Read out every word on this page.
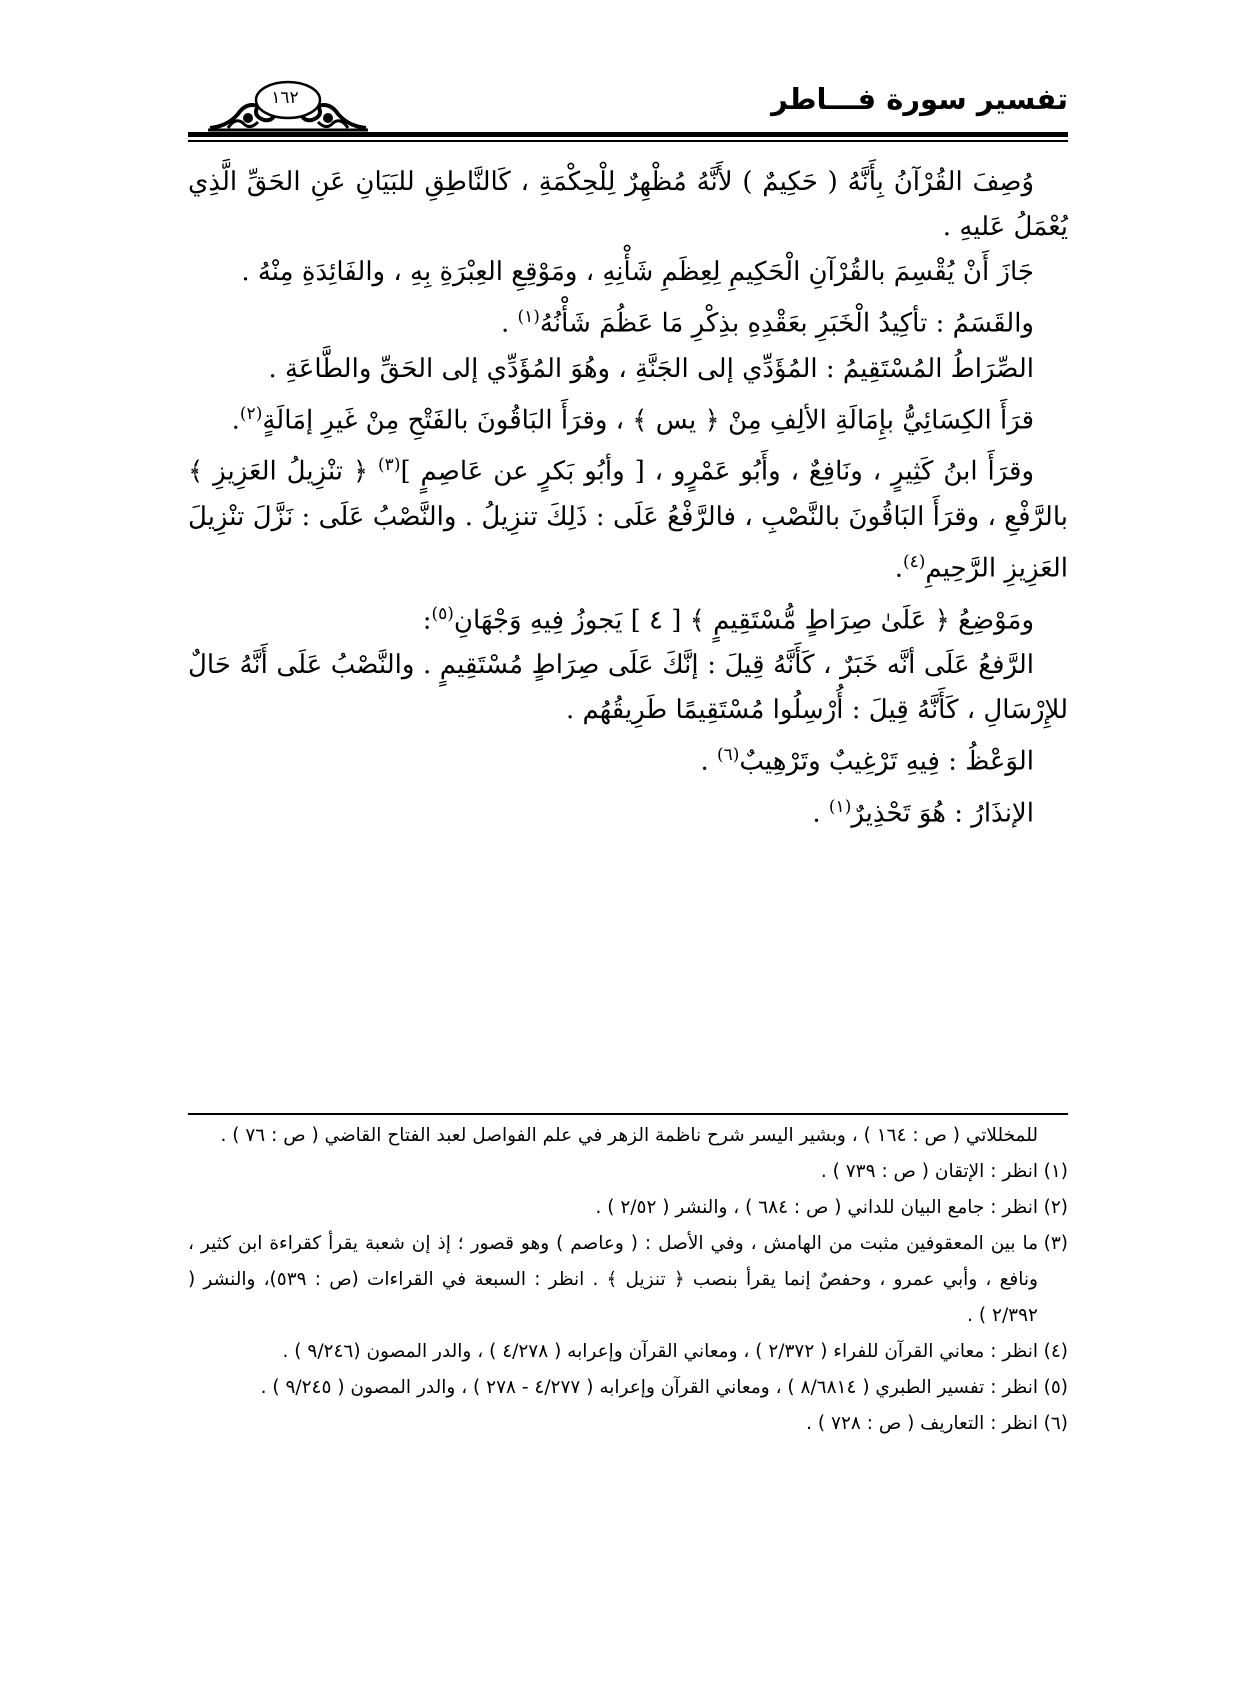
تفسير سورة فـــاطر
١٦٢

وُصِفَ القُرْآنُ بِأَنَّهُ ( حَكِيمٌ ) لأَنَّهُ مُظْهِرٌ لِلْحِكْمَةِ ، كَالنَّاطِقِ للبَيَانِ عَنِ الحَقِّ الَّذِي يُعْمَلُ عَليهِ .

جَازَ أَنْ يُقْسِمَ بالقُرْآنِ الْحَكِيمِ لِعِظَمِ شَأْنِهِ ، ومَوْقِعِ العِبْرَةِ بِهِ ، والفَائِدَةِ مِنْهُ .

والقَسَمُ : تأكِيدُ الْخَبَرِ بعَقْدِهِ بذِكْرِ مَا عَظُمَ شَأْنُهُ$^{(١)}$ .

الصِّرَاطُ المُسْتَقِيمُ : المُؤَدِّي إلى الجَنَّةِ ، وهُوَ المُؤَدِّي إلى الحَقِّ والطَّاعَةِ .

قرَأَ الكِسَائِيُّ بإِمَالَةِ الألِفِ مِنْ ﴿ يس ﴾ ، وقرَأَ البَاقُونَ بالفَتْحِ مِنْ غَيرِ إمَالَةٍ$^{(٢)}$.

وقرَأَ ابنُ كَثِيرٍ ، ونَافِعٌ ، وأَبُو عَمْرٍو ، [ وأبُو بَكرٍ عن عَاصِمٍ ]$^{(٣)}$ ﴿ تنْزِيلُ العَزِيزِ ﴾ بالرَّفْعِ ، وقرَأَ البَاقُونَ بالنَّصْبِ ، فالرَّفْعُ عَلَى : ذَلِكَ تنزِيلُ . والنَّصْبُ عَلَى : نَزَّلَ تنْزِيلَ العَزِيزِ الرَّحِيمِ$^{(٤)}$.

ومَوْضِعُ ﴿ عَلَىٰ صِرَاطٍ مُّسْتَقِيمٍ ﴾ [ ٤ ] يَجوزُ فِيهِ وَجْهَانِ$^{(٥)}$:

الرَّفعُ عَلَى أنَّه خَبَرٌ ، كَأَنَّهُ قِيلَ : إنَّكَ عَلَى صِرَاطٍ مُسْتَقِيمٍ . والنَّصْبُ عَلَى أَنَّهُ حَالٌ للإِرْسَالِ ، كَأَنَّهُ قِيلَ : أُرْسِلُوا مُسْتَقِيمًا طَرِيقُهُم .

الوَعْظُ : فِيهِ تَرْغِيبٌ وتَرْهِيبٌ$^{(٦)}$ .

الإنذَارُ : هُوَ تَحْذِيرٌ$^{(١)}$ .

للمخللاتي ( ص : ١٦٤ ) ، وبشير اليسر شرح ناظمة الزهر في علم الفواصل لعبد الفتاح القاضي ( ص : ٧٦ ) .

(١)انظر : الإتقان ( ص : ٧٣٩ ) .

(٢)انظر : جامع البيان للداني ( ص : ٦٨٤ ) ، والنشر ( ٢/٥٢ ) .

(٣)ما بين المعقوفين مثبت من الهامش ، وفي الأصل : ( وعاصم ) وهو قصور ؛ إذ إن شعبة يقرأ كقراءة ابن كثير ، ونافع ، وأبي عمرو ، وحفصٌ إنما يقرأ بنصب ﴿ تنزيل ﴾ . انظر : السبعة في القراءات (ص : ٥٣٩)، والنشر ( ٢/٣٩٢ ) .

(٤)انظر : معاني القرآن للفراء ( ٢/٣٧٢ ) ، ومعاني القرآن وإعرابه ( ٤/٢٧٨ ) ، والدر المصون (٩/٢٤٦ ) .

(٥)انظر : تفسير الطبري ( ٨/٦٨١٤ ) ، ومعاني القرآن وإعرابه ( ٤/٢٧٧ - ٢٧٨ ) ، والدر المصون ( ٩/٢٤٥ ) .

(٦)انظر : التعاريف ( ص : ٧٢٨ ) .
